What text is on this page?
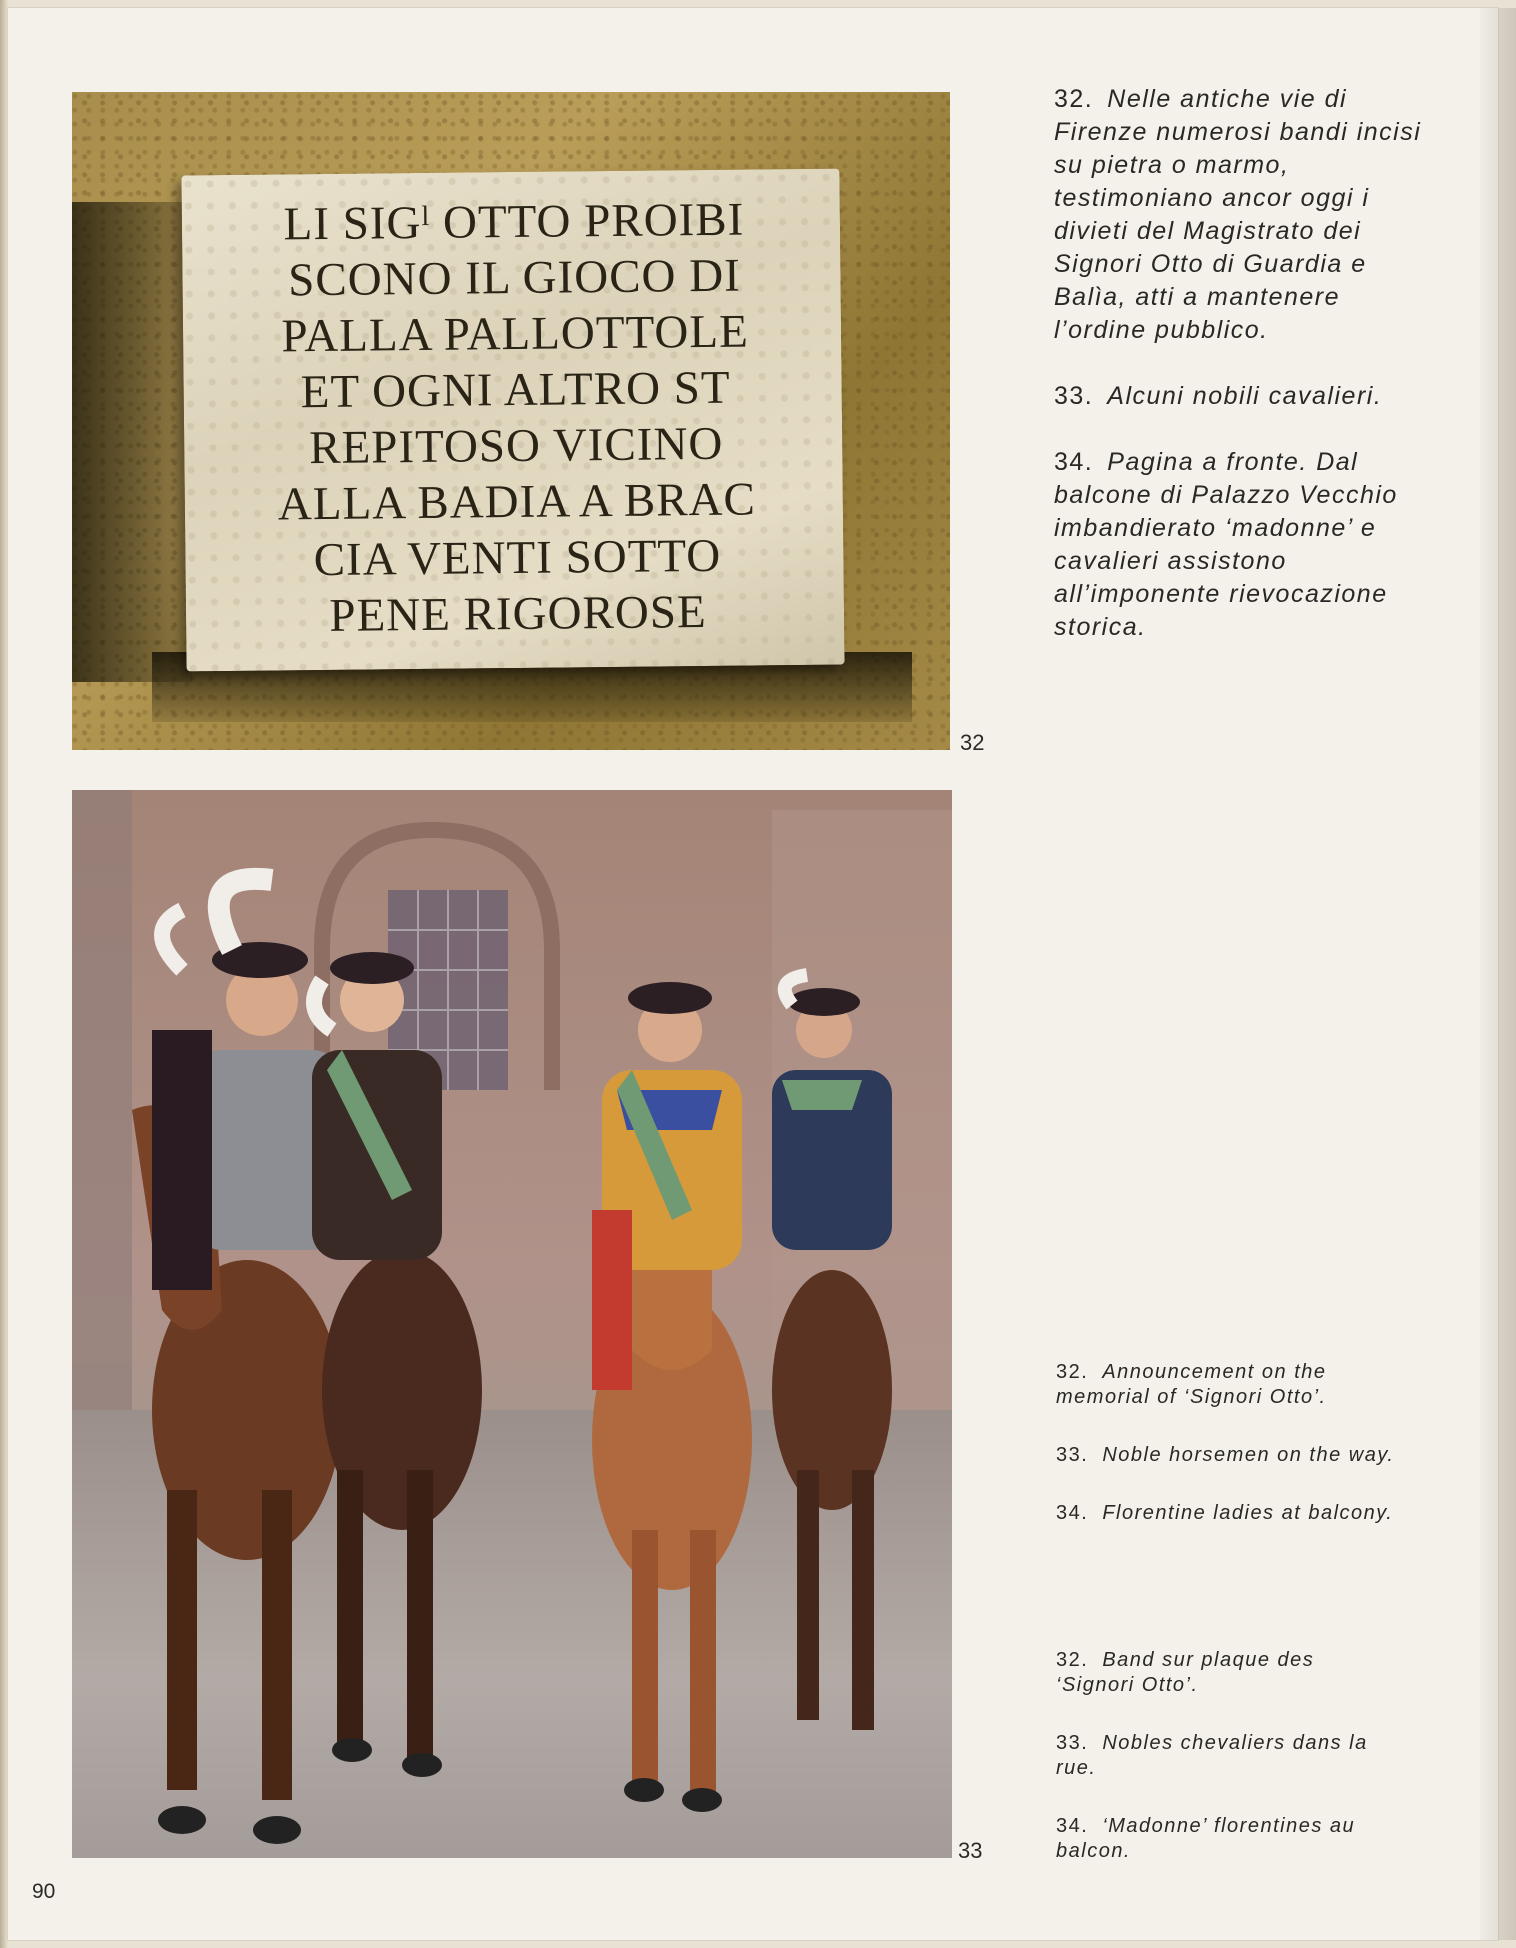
LI SIGˡ OTTO PROIBI
SCONO IL GIOCO DI
PALLA PALLOTTOLE
ET OGNI ALTRO ST
REPITOSO VICINO
ALLA BADIA A BRAC
CIA VENTI SOTTO
PENE RIGOROSE
32
33
32. Nelle antiche vie di Firenze numerosi bandi incisi su pietra o marmo, testimoniano ancor oggi i divieti del Magistrato dei Signori Otto di Guardia e Balìa, atti a mantenere l’ordine pubblico.
33. Alcuni nobili cavalieri.
34. Pagina a fronte. Dal balcone di Palazzo Vecchio imbandierato ‘madonne’ e cavalieri assistono all’imponente rievocazione storica.
32. Announcement on the memorial of ‘Signori Otto’.
33. Noble horsemen on the way.
34. Florentine ladies at balcony.
32. Band sur plaque des ‘Signori Otto’.
33. Nobles chevaliers dans la rue.
34. ‘Madonne’ florentines au balcon.
90
